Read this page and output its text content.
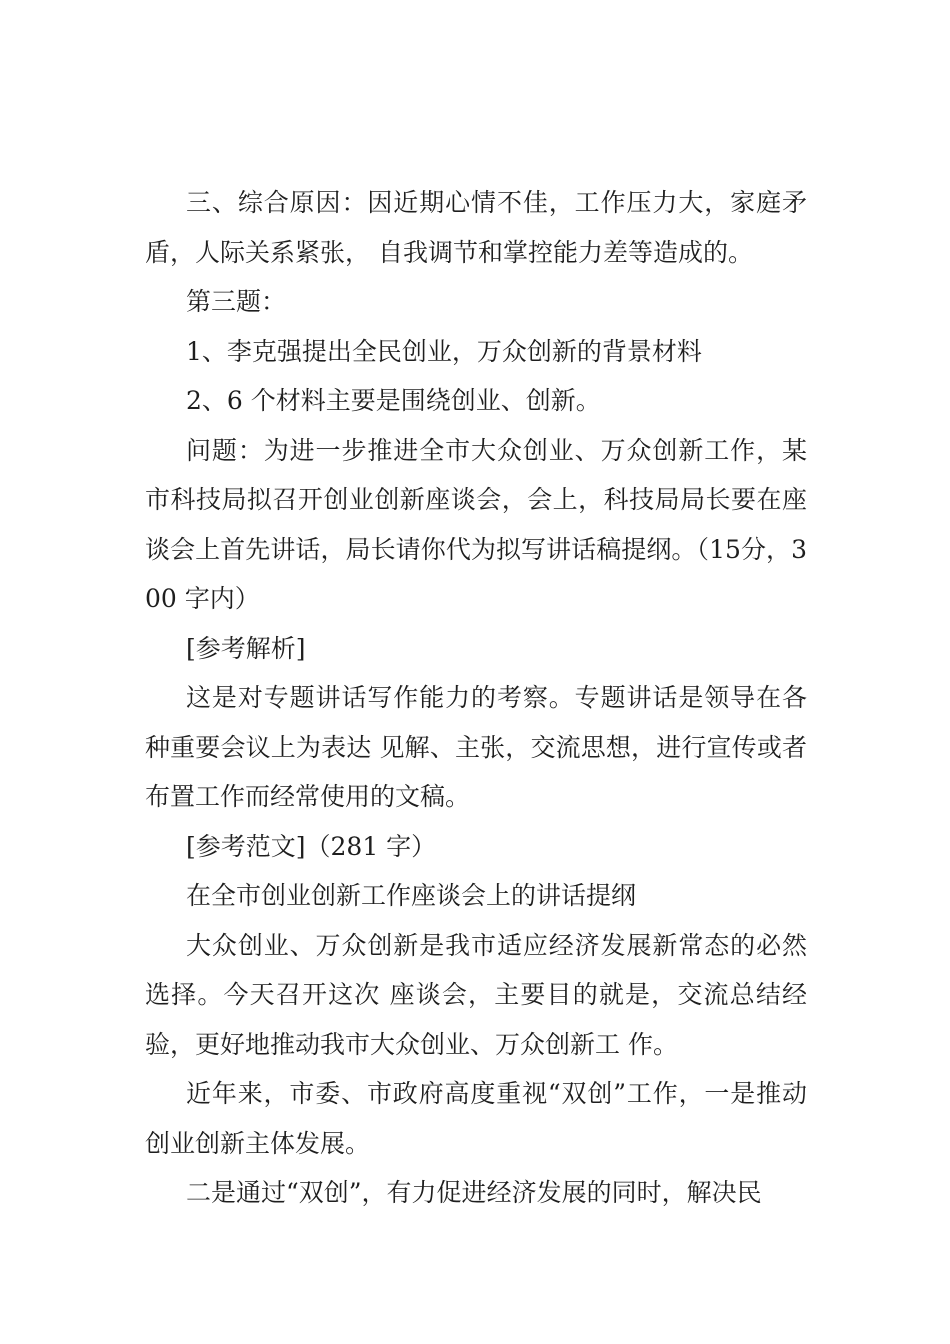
三、综合原因：因近期心情不佳，工作压力大，家庭矛盾，人际关系紧张， 自我调节和掌控能力差等造成的。

第三题：

1、李克强提出全民创业，万众创新的背景材料

2、6 个材料主要是围绕创业、创新。

问题：为进一步推进全市大众创业、万众创新工作，某市科技局拟召开创业创新座谈会，会上，科技局局长要在座谈会上首先讲话，局长请你代为拟写讲话稿提纲。（15分，300 字内）

[参考解析]

这是对专题讲话写作能力的考察。专题讲话是领导在各种重要会议上为表达 见解、主张，交流思想，进行宣传或者布置工作而经常使用的文稿。

[参考范文]（281 字）

在全市创业创新工作座谈会上的讲话提纲

大众创业、万众创新是我市适应经济发展新常态的必然选择。今天召开这次 座谈会，主要目的就是，交流总结经验，更好地推动我市大众创业、万众创新工 作。

近年来，市委、市政府高度重视“双创”工作，一是推动创业创新主体发展。

二是通过“双创”，有力促进经济发展的同时，解决民
